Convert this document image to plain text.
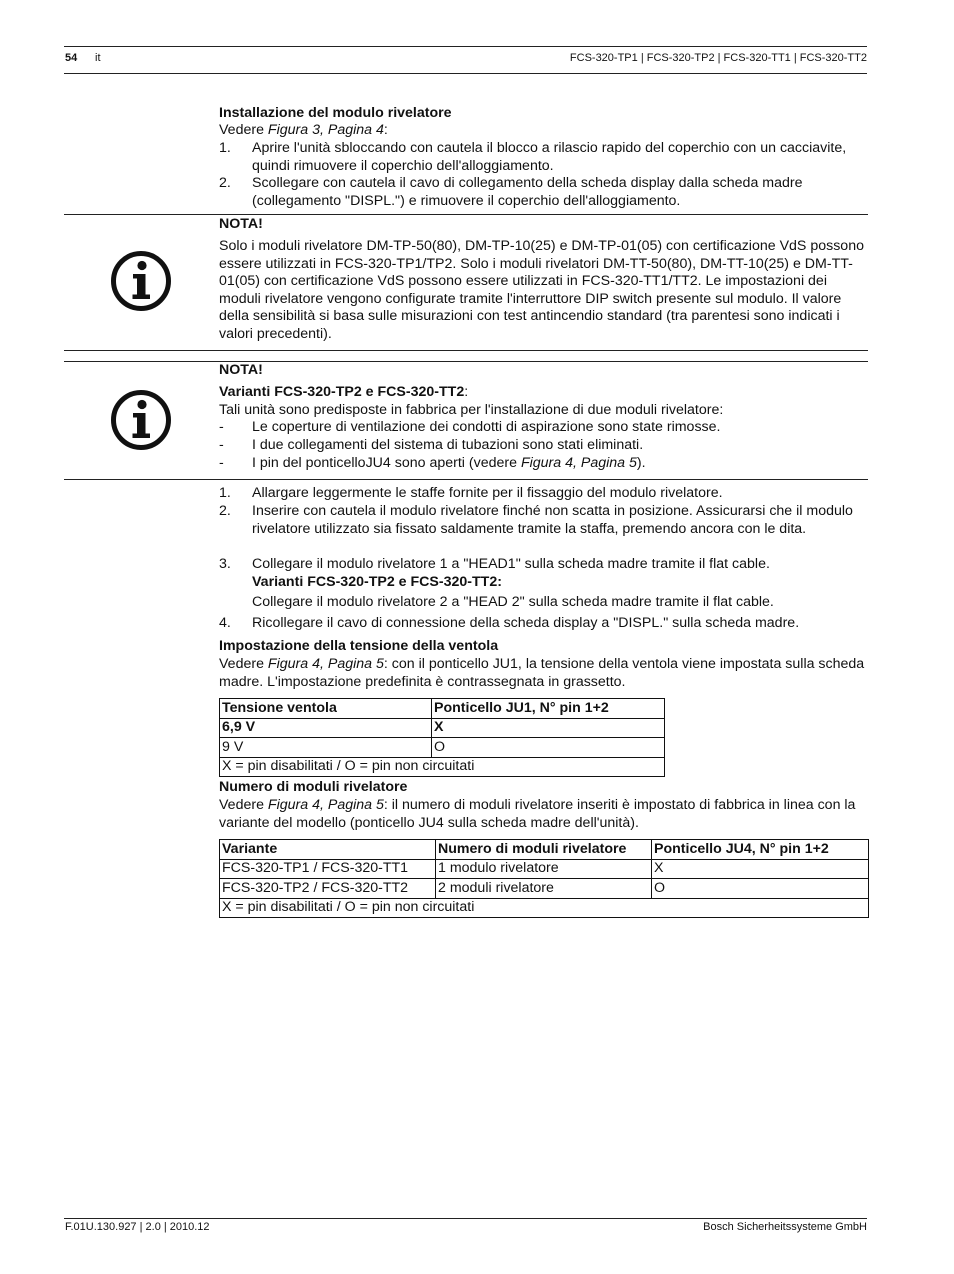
54 it	FCS-320-TP1 | FCS-320-TP2 | FCS-320-TT1 | FCS-320-TT2
Installazione del modulo rivelatore
Vedere Figura 3, Pagina 4:
1. Aprire l'unità sbloccando con cautela il blocco a rilascio rapido del coperchio con un cacciavite, quindi rimuovere il coperchio dell'alloggiamento.
2. Scollegare con cautela il cavo di collegamento della scheda display dalla scheda madre (collegamento "DISPL.") e rimuovere il coperchio dell'alloggiamento.
NOTA!
Solo i moduli rivelatore DM-TP-50(80), DM-TP-10(25) e DM-TP-01(05) con certificazione VdS possono essere utilizzati in FCS-320-TP1/TP2. Solo i moduli rivelatori DM-TT-50(80), DM-TT-10(25) e DM-TT-01(05) con certificazione VdS possono essere utilizzati in FCS-320-TT1/TT2. Le impostazioni dei moduli rivelatore vengono configurate tramite l'interruttore DIP switch presente sul modulo. Il valore della sensibilità si basa sulle misurazioni con test antincendio standard (tra parentesi sono indicati i valori precedenti).
NOTA!
Varianti FCS-320-TP2 e FCS-320-TT2:
Tali unità sono predisposte in fabbrica per l'installazione di due moduli rivelatore:
- Le coperture di ventilazione dei condotti di aspirazione sono state rimosse.
- I due collegamenti del sistema di tubazioni sono stati eliminati.
- I pin del ponticelloJU4 sono aperti (vedere Figura 4, Pagina 5).
1. Allargare leggermente le staffe fornite per il fissaggio del modulo rivelatore.
2. Inserire con cautela il modulo rivelatore finché non scatta in posizione. Assicurarsi che il modulo rivelatore utilizzato sia fissato saldamente tramite la staffa, premendo ancora con le dita.
3. Collegare il modulo rivelatore 1 a "HEAD1" sulla scheda madre tramite il flat cable.
Varianti FCS-320-TP2 e FCS-320-TT2:
Collegare il modulo rivelatore 2 a "HEAD 2" sulla scheda madre tramite il flat cable.
4. Ricollegare il cavo di connessione della scheda display a "DISPL." sulla scheda madre.
Impostazione della tensione della ventola
Vedere Figura 4, Pagina 5: con il ponticello JU1, la tensione della ventola viene impostata sulla scheda madre. L'impostazione predefinita è contrassegnata in grassetto.
Tensione ventola	Ponticello JU1, N° pin 1+2
6,9 V	X
9 V	O
X = pin disabilitati / O = pin non circuitati	
Numero di moduli rivelatore
Vedere Figura 4, Pagina 5: il numero di moduli rivelatore inseriti è impostato di fabbrica in linea con la variante del modello (ponticello JU4 sulla scheda madre dell'unità).
Variante	Numero di moduli rivelatore	Ponticello JU4, N° pin 1+2
FCS-320-TP1 / FCS-320-TT1	1 modulo rivelatore	X
FCS-320-TP2 / FCS-320-TT2	2 moduli rivelatore	O
X = pin disabilitati / O = pin non circuitati		
F.01U.130.927 | 2.0 | 2010.12	Bosch Sicherheitssysteme GmbH
